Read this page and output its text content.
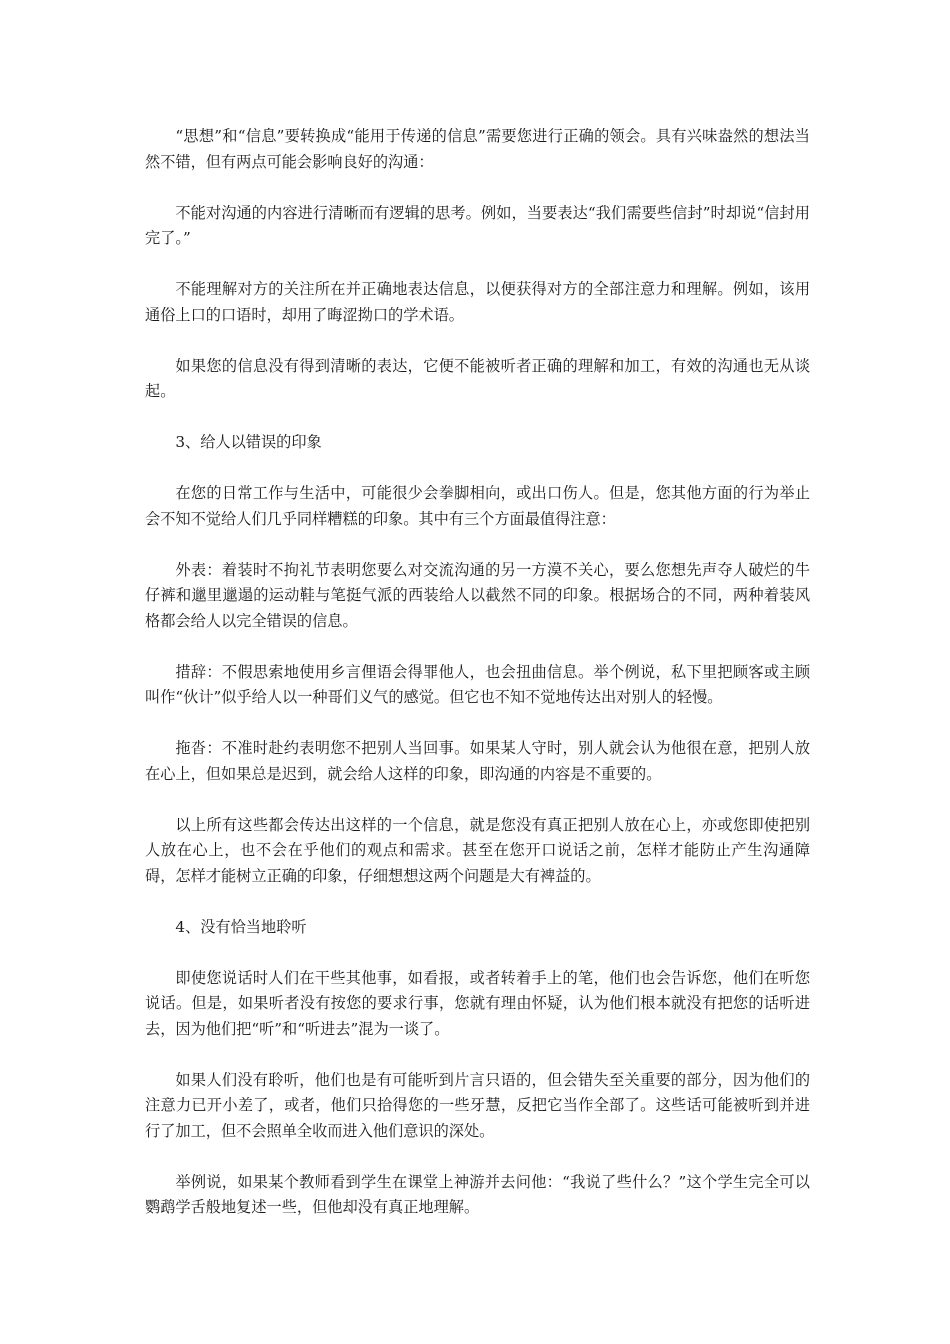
“思想”和“信息”要转换成“能用于传递的信息”需要您进行正确的领会。具有兴味盎然的想法当然不错，但有两点可能会影响良好的沟通：

不能对沟通的内容进行清晰而有逻辑的思考。例如，当要表达“我们需要些信封”时却说“信封用完了。”

不能理解对方的关注所在并正确地表达信息，以便获得对方的全部注意力和理解。例如，该用通俗上口的口语时，却用了晦涩拗口的学术语。

如果您的信息没有得到清晰的表达，它便不能被听者正确的理解和加工，有效的沟通也无从谈起。

3、给人以错误的印象

在您的日常工作与生活中，可能很少会拳脚相向，或出口伤人。但是，您其他方面的行为举止会不知不觉给人们几乎同样糟糕的印象。其中有三个方面最值得注意：

外表：着装时不拘礼节表明您要么对交流沟通的另一方漠不关心，要么您想先声夺人破烂的牛仔裤和邋里邋遢的运动鞋与笔挺气派的西装给人以截然不同的印象。根据场合的不同，两种着装风格都会给人以完全错误的信息。

措辞：不假思索地使用乡言俚语会得罪他人，也会扭曲信息。举个例说，私下里把顾客或主顾叫作“伙计”似乎给人以一种哥们义气的感觉。但它也不知不觉地传达出对别人的轻慢。

拖沓：不准时赴约表明您不把别人当回事。如果某人守时，别人就会认为他很在意，把别人放在心上，但如果总是迟到，就会给人这样的印象，即沟通的内容是不重要的。

以上所有这些都会传达出这样的一个信息，就是您没有真正把别人放在心上，亦或您即使把别人放在心上，也不会在乎他们的观点和需求。甚至在您开口说话之前，怎样才能防止产生沟通障碍，怎样才能树立正确的印象，仔细想想这两个问题是大有裨益的。

4、没有恰当地聆听

即使您说话时人们在干些其他事，如看报，或者转着手上的笔，他们也会告诉您，他们在听您说话。但是，如果听者没有按您的要求行事，您就有理由怀疑，认为他们根本就没有把您的话听进去，因为他们把“听”和“听进去”混为一谈了。

如果人们没有聆听，他们也是有可能听到片言只语的，但会错失至关重要的部分，因为他们的注意力已开小差了，或者，他们只拾得您的一些牙慧，反把它当作全部了。这些话可能被听到并进行了加工，但不会照单全收而进入他们意识的深处。

举例说，如果某个教师看到学生在课堂上神游并去问他：“我说了些什么？”这个学生完全可以鹦鹉学舌般地复述一些，但他却没有真正地理解。
